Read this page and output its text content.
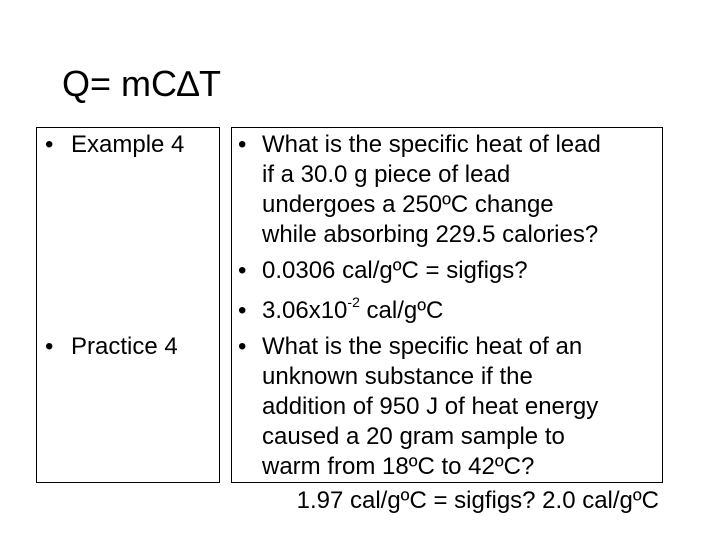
Q= mC∆T
• Example 4
• Practice 4
• What is the specific heat of lead
if a 30.0 g piece of lead
undergoes a 250ºC change
while absorbing 229.5 calories?
• 0.0306 cal/gºC = sigfigs?
• $3.06x10^{-2}$ cal/gºC
• What is the specific heat of an
unknown substance if the
addition of 950 J of heat energy
caused a 20 gram sample to
warm from 18ºC to 42ºC?
1.97 cal/gºC = sigfigs? 2.0 cal/gºC
